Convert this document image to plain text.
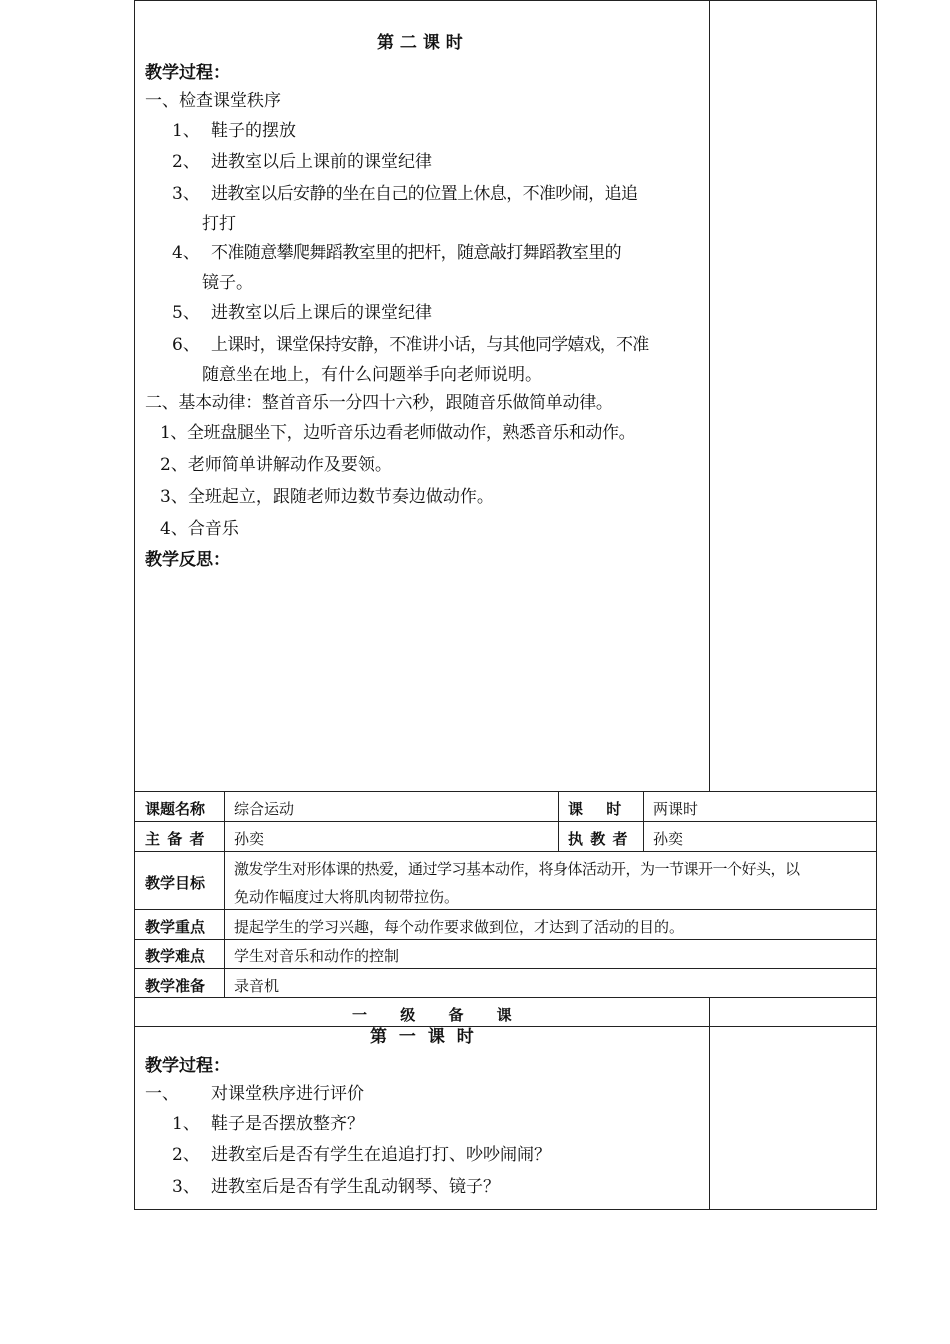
第 二 课 时
教学过程：
一、检查课堂秩序
1、 鞋子的摆放
2、 进教室以后上课前的课堂纪律
3、 进教室以后安静的坐在自己的位置上休息，不准吵闹，追追
打打
4、 不准随意攀爬舞蹈教室里的把杆，随意敲打舞蹈教室里的
镜子。
5、 进教室以后上课后的课堂纪律
6、 上课时，课堂保持安静，不准讲小话，与其他同学嬉戏，不准
随意坐在地上，有什么问题举手向老师说明。
二、基本动律：整首音乐一分四十六秒，跟随音乐做简单动律。
1、全班盘腿坐下，边听音乐边看老师做动作，熟悉音乐和动作。
2、老师简单讲解动作及要领。
3、全班起立，跟随老师边数节奏边做动作。
4、合音乐
教学反思：
课题名称 综合运动	课 时 两课时
主 备 者 孙奕	执 教 者 孙奕
教学目标
激发学生对形体课的热爱，通过学习基本动作，将身体活动开，为一节课开一个好头，以
免动作幅度过大将肌肉韧带拉伤。
教学重点 提起学生的学习兴趣，每个动作要求做到位，才达到了活动的目的。
教学难点 学生对音乐和动作的控制
教学准备 录音机
一 级 备 课
第 一 课 时
教学过程：
一、 对课堂秩序进行评价
1、 鞋子是否摆放整齐？
2、 进教室后是否有学生在追追打打、吵吵闹闹？
3、 进教室后是否有学生乱动钢琴、镜子？
